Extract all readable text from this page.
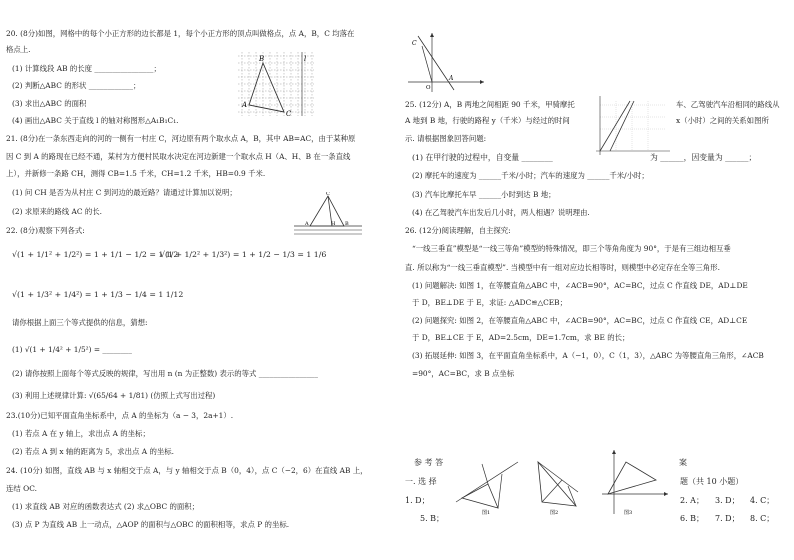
20. (8分)如图，网格中的每个小正方形的边长都是 1，每个小正方形的顶点叫做格点，点 A，B，C 均落在
格点上.
(1) 计算线段 AB 的长度 ________________；
(2) 判断△ABC 的形状 ____________；
(3) 求出△ABC 的面积
(4) 画出△ABC 关于直线 l 的轴对称图形△A₁B₁C₁.
A
B
C
l
21. (8分)在一条东西走向的河的一侧有一村庄 C，河边原有两个取水点 A，B，其中 AB=AC，由于某种原
因 C 到 A 的路现在已经不通，某村为方便村民取水决定在河边新建一个取水点 H（A、H、B 在一条直线
上），并新修一条路 CH，测得 CB=1.5 千米，CH=1.2 千米，HB=0.9 千米.
(1) 问 CH 是否为从村庄 C 到河边的最近路？请通过计算加以说明；
(2) 求原来的路线 AC 的长.
C
A	H B
22. (8分)观察下列各式:
√(1 + 1/1² + 1/2²) = 1 + 1/1 − 1/2 = 1 1/2
√(1 + 1/2² + 1/3²) = 1 + 1/2 − 1/3 = 1 1/6
√(1 + 1/3² + 1/4²) = 1 + 1/3 − 1/4 = 1 1/12
请你根据上面三个等式提供的信息，猜想:
(1) √(1 + 1/4² + 1/5²) = ________
(2) 请你按照上面每个等式反映的规律，写出用 n (n 为正整数) 表示的等式 ________________
(3) 利用上述规律计算: √(65/64 + 1/81) (仿照上式写出过程)
23.(10分)已知平面直角坐标系中，点 A 的坐标为（a − 3，2a+1）.
(1) 若点 A 在 y 轴上，求出点 A 的坐标；
(2) 若点 A 到 x 轴的距离为 5，求出点 A 的坐标.
24. (10分) 如图，直线 AB 与 x 轴相交于点 A，与 y 轴相交于点 B（0，4），点 C（−2，6）在直线 AB 上，
连结 OC.
(1) 求直线 AB 对应的函数表达式 (2) 求△OBC 的面积；
(3) 点 P 为直线 AB 上一动点，△AOP 的面积与△OBC 的面积相等，求点 P 的坐标.
C
O
A
25. (12分) A，B 两地之间相距 90 千米，甲骑摩托	车、乙驾驶汽车沿相同的路线从
A 地到 B 地，行驶的路程 y（千米）与经过的时间	x（小时）之间的关系如图所
示. 请根据图象回答问题:
(1) 在甲行驶的过程中，自变量 ________	为 ______，因变量为 ______；
(2) 摩托车的速度为 ______千米/小时；汽车的速度为 ______千米/小时；
(3) 汽车比摩托车早 ______小时到达 B 地；
(4) 在乙驾驶汽车出发后几小时，两人相遇？说明理由.
26. (12分)阅读理解，自主探究:
“一线三垂直”模型是“一线三等角”模型的特殊情况，即三个等角角度为 90°，于是有三组边相互垂
直. 所以称为“一线三垂直模型”. 当模型中有一组对应边长相等时，则模型中必定存在全等三角形.
(1) 问题解决: 如图 1，在等腰直角△ABC 中，∠ACB=90°，AC=BC，过点 C 作直线 DE，AD⊥DE
于 D，BE⊥DE 于 E，求证: △ADC≌△CEB；
(2) 问题探究: 如图 2，在等腰直角△ABC 中，∠ACB=90°，AC=BC，过点 C 作直线 CE，AD⊥CE
于 D，BE⊥CE 于 E，AD=2.5cm，DE=1.7cm，求 BE 的长；
(3) 拓展延伸: 如图 3，在平面直角坐标系中，A（−1，0），C（1，3），△ABC 为等腰直角三角形，∠ACB
=90°，AC=BC，求 B 点坐标
参 考 答	案
一. 选 择	题（共 10 小题）
1. D；	2. A； 3. D； 4. C；
5. B；	6. B； 7. D； 8. C；
图1	图2	图3
